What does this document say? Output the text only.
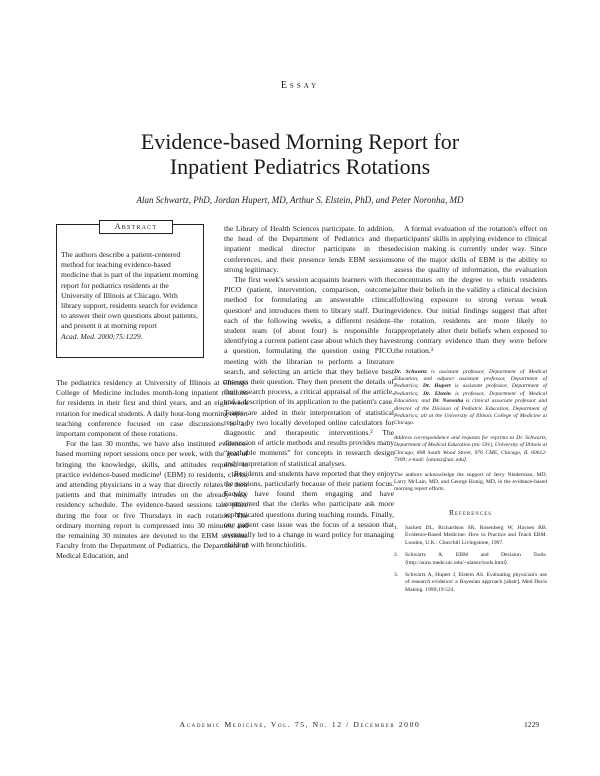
Essay
Evidence-based Morning Report for
Inpatient Pediatrics Rotations
Alan Schwartz, PhD, Jordan Hupert, MD, Arthur S. Elstein, PhD, and Peter Noronha, MD
Abstract
The authors describe a patient-centered method for teaching evidence-based medicine that is part of the inpatient morning report for pediatrics residents at the University of Illinois at Chicago. With library support, residents search for evidence to answer their own questions about patients, and present it at morning report
Acad. Med. 2000;75:1229.

The pediatrics residency at University of Illinois at Chicago College of Medicine includes month-long inpatient rotations for residents in their first and third years, and an eight-week rotation for medical students. A daily hour-long morning report teaching conference focused on case discussions is an important component of these rotations.

For the last 30 months, we have also instituted evidence-based morning report sessions once per week, with the goal of bringing the knowledge, skills, and attitudes required to practice evidence-based medicine¹ (EBM) to residents, clerks, and attending physicians in a way that directly relates to their patients and that minimally intrudes on the already busy residency schedule. The evidence-based sessions take place during the four or five Thursdays in each rotation. The ordinary morning report is compressed into 30 minutes, and the remaining 30 minutes are devoted to the EBM sessions. Faculty from the Department of Pediatrics, the Department of Medical Education, and

the Library of Health Sciences participate. In addition, the head of the Department of Pediatrics and the inpatient medical director participate in these conferences, and their presence lends EBM sessions strong legitimacy.

The first week's session acquaints learners with the PICO (patient, intervention, comparison, outcome) method for formulating an answerable clinical question¹ and introduces them to library staff. During each of the following weeks, a different resident–student team (of about four) is responsible for identifying a current patient case about which they have a question, formulating the question using PICO, meeting with the librarian to perform a literature search, and selecting an article that they believe best answers their question. They then present the details of their research process, a critical appraisal of the article, and a description of its application to the patient's case. Teams are aided in their interpretation of statistical results by two locally developed online calculators for diagnostic and therapeutic interventions.² The discussion of article methods and results provides many “teachable moments” for concepts in research design and interpretation of statistical analyses.

Residents and students have reported that they enjoy the sessions, particularly because of their patient focus. Faculty have found them engaging and have commented that the clerks who participate ask more sophisticated questions during teaching rounds. Finally, one patient case issue was the focus of a session that eventually led to a change in ward policy for managing children with bronchiolitis.

A formal evaluation of the rotation's effect on participants' skills in applying evidence to clinical decision making is currently under way. Since one of the major skills of EBM is the ability to assess the quality of information, the evaluation concentrates on the degree to which residents alter their beliefs in the validity a clinical decision following exposure to strong versus weak evidence. Our initial findings suggest that after the rotation, residents are more likely to appropriately alter their beliefs when exposed to strong contrary evidence than they were before the rotation.³

Dr. Schwartz is assistant professor, Department of Medical Education, and adjunct assistant professor, Department of Pediatrics; Dr. Hupert is assistant professor, Department of Pediatrics; Dr. Elstein is professor, Department of Medical Education; and Dr. Noronha is clinical associate professor and director of the Division of Pediatric Education, Department of Pediatrics; all at the University of Illinois College of Medicine at Chicago.
Address correspondence and requests for reprints to Dr. Schwartz, Department of Medical Education (mc 591), University of Illinois at Chicago, 808 South Wood Street, 976 CME, Chicago, IL 60612-7309; e-mail: ⟨alansz@uic.edu⟩.
The authors acknowledge the support of Jerry Niederman, MD, Larry McLain, MD, and George Honig, MD, in the evidence-based morning report efforts.
References
1. Sackett DL, Richardson SR, Rosenberg W, Haynes RB. Evidence-Based Medicine: How to Practice and Teach EBM. London, U.K.: Churchill Livingstone, 1997.
2. Schwartz A. EBM and Decision Tools. ⟨http://araw.mede.uic.edu/~alansz/tools.html⟩.
3. Schwartz A, Hupert J, Elstein AS. Evaluating physician's use of research evidence: a Bayesian approach [abstr]. Med Decis Making. 1999;19:524.
Academic Medicine, Vol. 75, No. 12 / December 2000	1229
